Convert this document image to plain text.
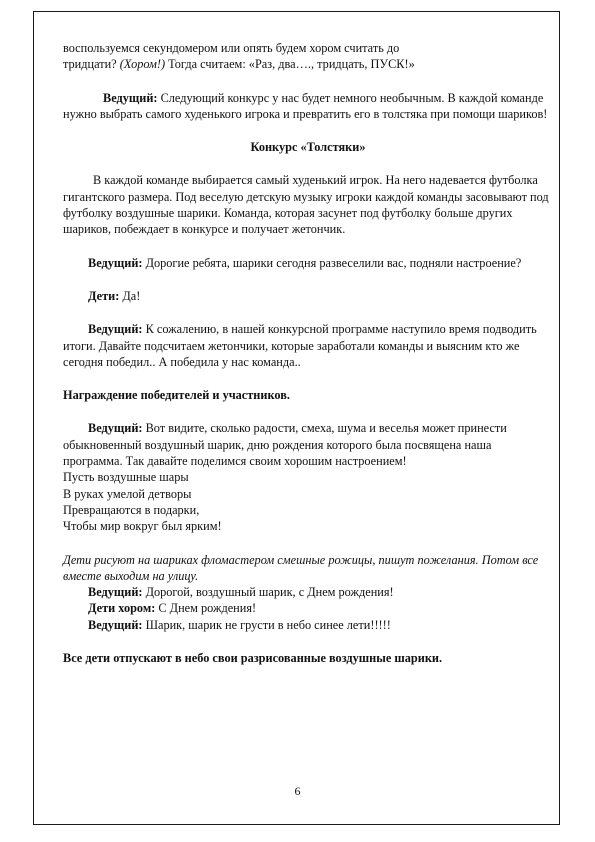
воспользуемся секундомером или опять будем хором считать до
тридцати? (Хором!) Тогда считаем: «Раз, два…., тридцать, ПУСК!»

Ведущий: Следующий конкурс у нас будет немного необычным. В каждой команде нужно выбрать самого худенького игрока и превратить его в толстяка при помощи шариков!

Конкурс «Толстяки»

В каждой команде выбирается самый худенький игрок. На него надевается футболка гигантского размера. Под веселую детскую музыку игроки каждой команды засовывают под футболку воздушные шарики. Команда, которая засунет под футболку больше других шариков, побеждает в конкурсе и получает жетончик.

Ведущий: Дорогие ребята, шарики сегодня развеселили вас, подняли настроение?

Дети: Да!

Ведущий: К сожалению, в нашей конкурсной программе наступило время подводить итоги. Давайте подсчитаем жетончики, которые заработали команды и выясним кто же сегодня победил.. А победила у нас команда..

Награждение победителей и участников.

Ведущий: Вот видите, сколько радости, смеха, шума и веселья может принести обыкновенный воздушный шарик, дню рождения которого была посвящена наша программа. Так давайте поделимся своим хорошим настроением!

Пусть воздушные шары

В руках умелой детворы

Превращаются в подарки,

Чтобы мир вокруг был ярким!

Дети рисуют на шариках фломастером смешные рожицы, пишут пожелания. Потом все вместе выходим на улицу.

Ведущий: Дорогой, воздушный шарик, с Днем рождения!

Дети хором: С Днем рождения!

Ведущий: Шарик, шарик не грусти в небо синее лети!!!!!

Все дети отпускают в небо свои разрисованные воздушные шарики.

6
